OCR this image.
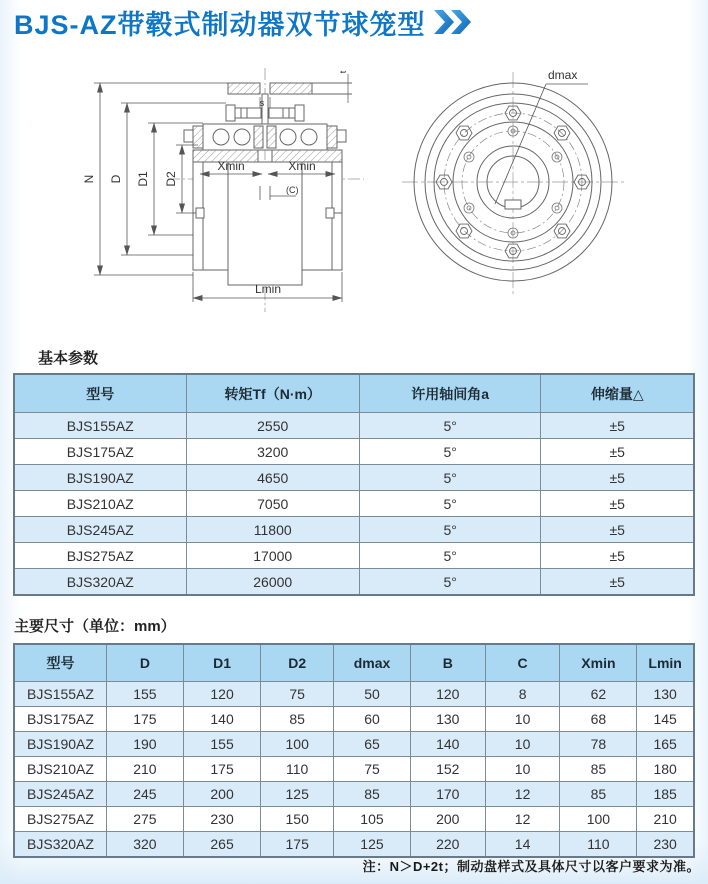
BJS-AZ带毂式制动器双节球笼型
N D D1 D2
s
t
Xmin	Xmin
(C)
Lmin
dmax
基本参数
型号	转矩Tf（N·m）	许用轴间角a	伸缩量△
BJS155AZ	2550	5°	±5
BJS175AZ	3200	5°	±5
BJS190AZ	4650	5°	±5
BJS210AZ	7050	5°	±5
BJS245AZ	11800	5°	±5
BJS275AZ	17000	5°	±5
BJS320AZ	26000	5°	±5
主要尺寸（单位：mm）
型号	D	D1	D2	dmax	B	C	Xmin	Lmin
BJS155AZ	155	120	75	50	120	8	62	130
BJS175AZ	175	140	85	60	130	10	68	145
BJS190AZ	190	155	100	65	140	10	78	165
BJS210AZ	210	175	110	75	152	10	85	180
BJS245AZ	245	200	125	85	170	12	85	185
BJS275AZ	275	230	150	105	200	12	100	210
BJS320AZ	320	265	175	125	220	14	110	230
注：N＞D+2t；制动盘样式及具体尺寸以客户要求为准。
